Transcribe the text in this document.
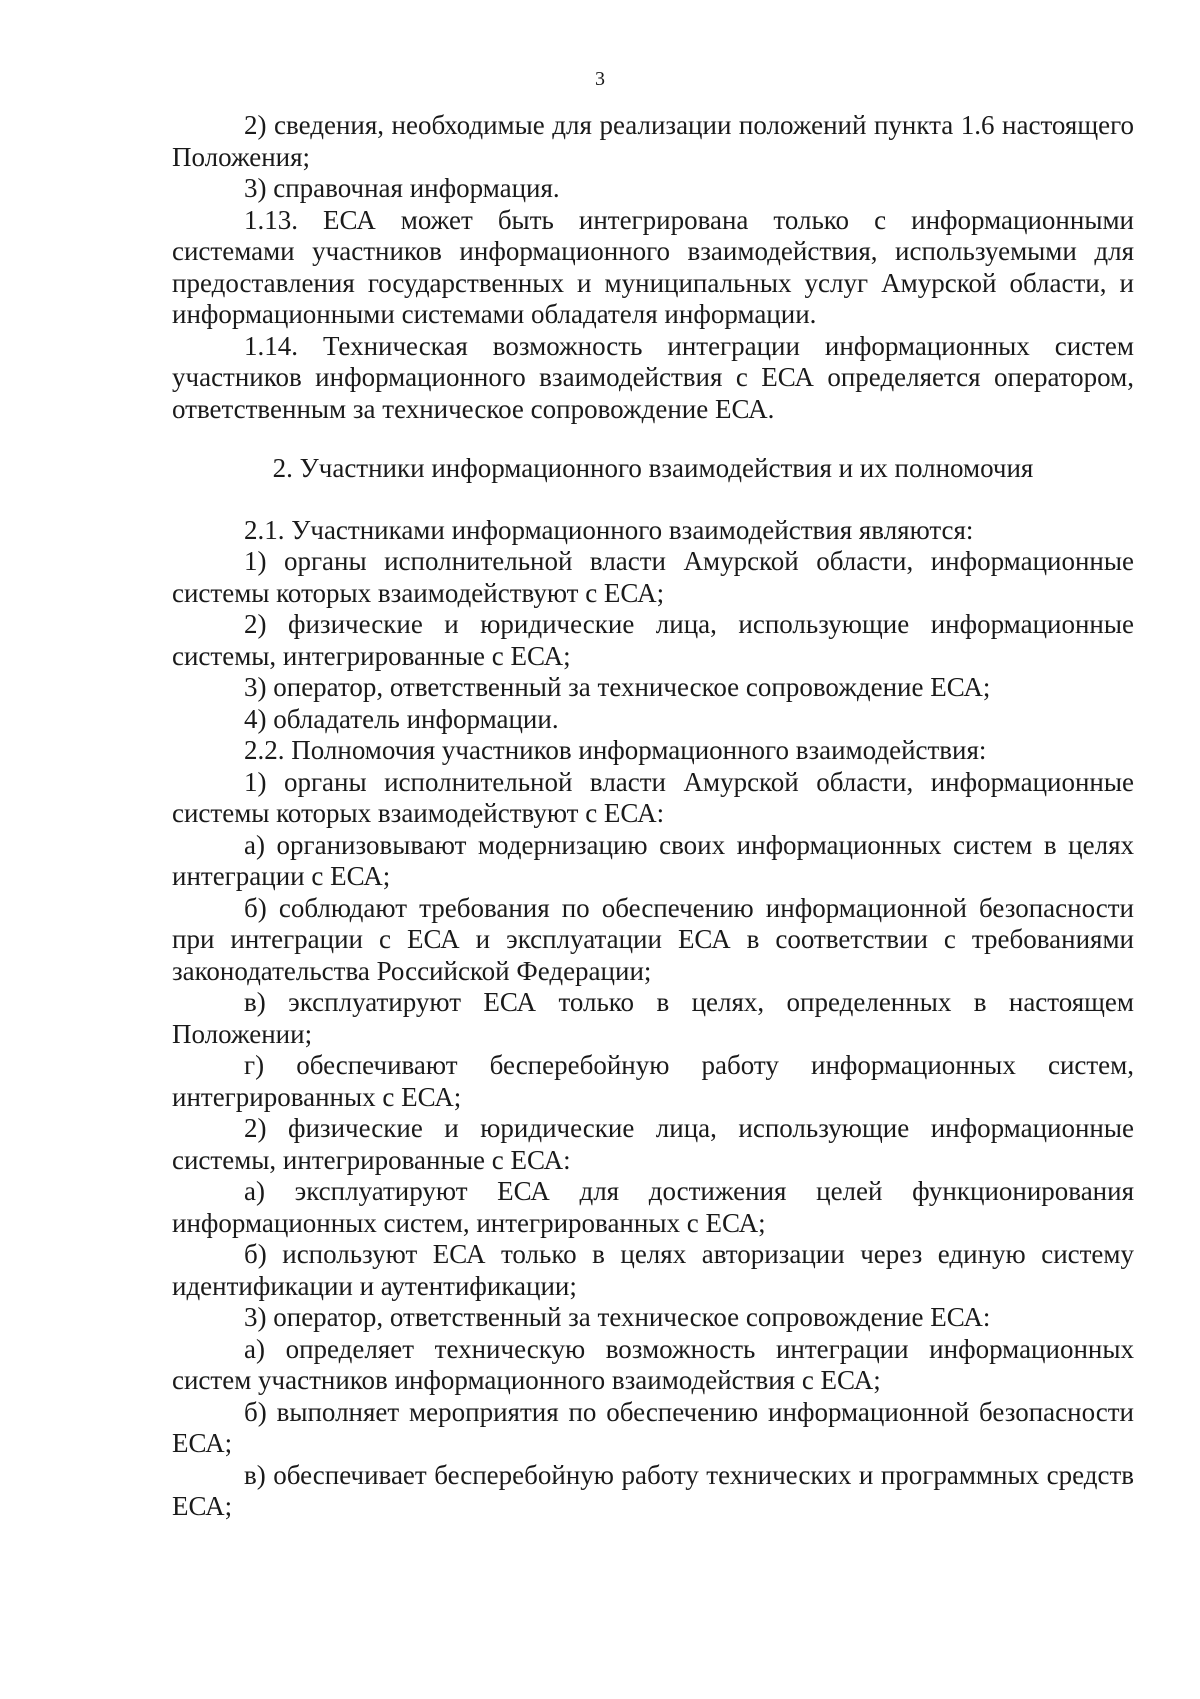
3

2) сведения, необходимые для реализации положений пункта 1.6 настоящего Положения;

3) справочная информация.

1.13. ЕСА может быть интегрирована только с информационными системами участников информационного взаимодействия, используемыми для предоставления государственных и муниципальных услуг Амурской области, и информационными системами обладателя информации.

1.14. Техническая возможность интеграции информационных систем участников информационного взаимодействия с ЕСА определяется оператором, ответственным за техническое сопровождение ЕСА.

2. Участники информационного взаимодействия и их полномочия

2.1. Участниками информационного взаимодействия являются:

1) органы исполнительной власти Амурской области, информационные системы которых взаимодействуют с ЕСА;

2) физические и юридические лица, использующие информационные системы, интегрированные с ЕСА;

3) оператор, ответственный за техническое сопровождение ЕСА;

4) обладатель информации.

2.2. Полномочия участников информационного взаимодействия:

1) органы исполнительной власти Амурской области, информационные системы которых взаимодействуют с ЕСА:

а) организовывают модернизацию своих информационных систем в целях интеграции с ЕСА;

б) соблюдают требования по обеспечению информационной безопасности при интеграции с ЕСА и эксплуатации ЕСА в соответствии с требованиями законодательства Российской Федерации;

в) эксплуатируют ЕСА только в целях, определенных в настоящем Положении;

г) обеспечивают бесперебойную работу информационных систем, интегрированных с ЕСА;

2) физические и юридические лица, использующие информационные системы, интегрированные с ЕСА:

а) эксплуатируют ЕСА для достижения целей функционирования информационных систем, интегрированных с ЕСА;

б) используют ЕСА только в целях авторизации через единую систему идентификации и аутентификации;

3) оператор, ответственный за техническое сопровождение ЕСА:

а) определяет техническую возможность интеграции информационных систем участников информационного взаимодействия с ЕСА;

б) выполняет мероприятия по обеспечению информационной безопасности ЕСА;

в) обеспечивает бесперебойную работу технических и программных средств ЕСА;
